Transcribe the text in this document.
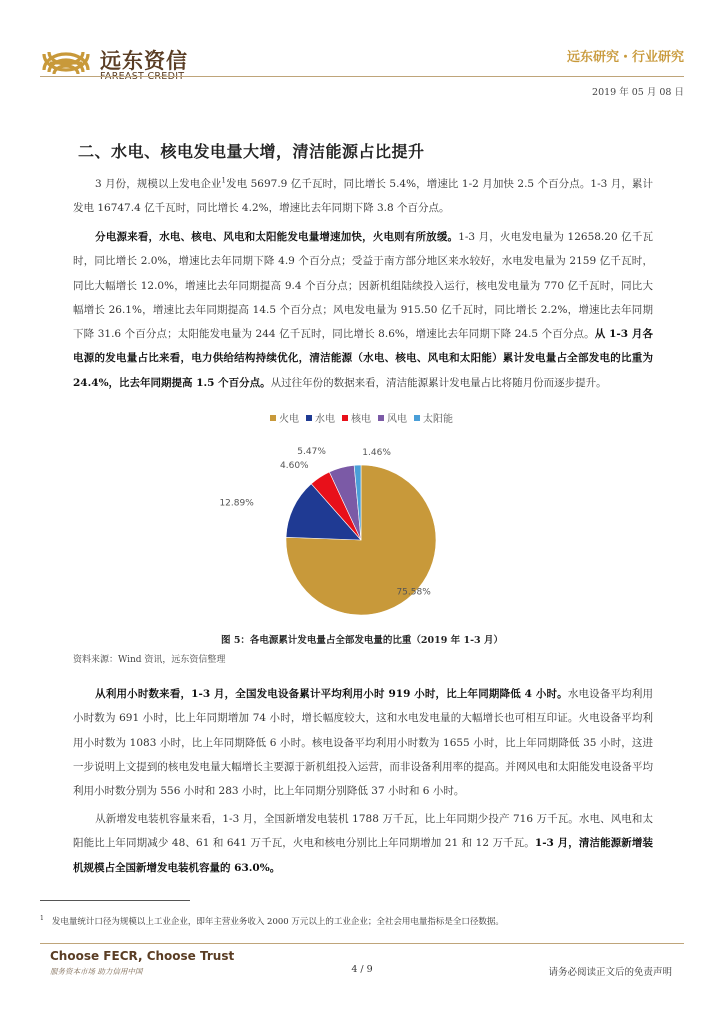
远东资信	远东研究・行业研究
2019 年 05 月 08 日
二、水电、核电发电量大增，清洁能源占比提升
3 月份，规模以上发电企业$^1$发电 5697.9 亿千瓦时，同比增长 5.4%，增速比 1-2 月加快 2.5 个百分点。1-3 月，累计发电 16747.4 亿千瓦时，同比增长 4.2%，增速比去年同期下降 3.8 个百分点。
分电源来看，水电、核电、风电和太阳能发电量增速加快，火电则有所放缓。1-3 月，火电发电量为 12658.20 亿千瓦时，同比增长 2.0%，增速比去年同期下降 4.9 个百分点；受益于南方部分地区来水较好，水电发电量为 2159 亿千瓦时，同比大幅增长 12.0%，增速比去年同期提高 9.4 个百分点；因新机组陆续投入运行，核电发电量为 770 亿千瓦时，同比大幅增长 26.1%，增速比去年同期提高 14.5 个百分点；风电发电量为 915.50 亿千瓦时，同比增长 2.2%，增速比去年同期下降 31.6 个百分点；太阳能发电量为 244 亿千瓦时，同比增长 8.6%，增速比去年同期下降 24.5 个百分点。从 1-3 月各电源的发电量占比来看，电力供给结构持续优化，清洁能源（水电、核电、风电和太阳能）累计发电量占全部发电的比重为 24.4%，比去年同期提高 1.5 个百分点。从过往年份的数据来看，清洁能源累计发电量占比将随月份而逐步提升。
火电 水电 核电 风电 太阳能
75.58%
12.89%
4.60%
5.47%	1.46%
图 5：各电源累计发电量占全部发电量的比重（2019 年 1-3 月）
资料来源：Wind 资讯，远东资信整理
从利用小时数来看，1-3 月，全国发电设备累计平均利用小时 919 小时，比上年同期降低 4 小时。水电设备平均利用小时数为 691 小时，比上年同期增加 74 小时，增长幅度较大，这和水电发电量的大幅增长也可相互印证。火电设备平均利用小时数为 1083 小时，比上年同期降低 6 小时。核电设备平均利用小时数为 1655 小时，比上年同期降低 35 小时，这进一步说明上文提到的核电发电量大幅增长主要源于新机组投入运营，而非设备利用率的提高。并网风电和太阳能发电设备平均利用小时数分别为 556 小时和 283 小时，比上年同期分别降低 37 小时和 6 小时。
从新增发电装机容量来看，1-3 月，全国新增发电装机 1788 万千瓦，比上年同期少投产 716 万千瓦。水电、风电和太阳能比上年同期减少 48、61 和 641 万千瓦，火电和核电分别比上年同期增加 21 和 12 万千瓦。1-3 月，清洁能源新增装机规模占全国新增发电装机容量的 63.0%。
$^1$ 发电量统计口径为规模以上工业企业，即年主营业务收入 2000 万元以上的工业企业；全社会用电量指标是全口径数据。
Choose FECR, Choose Trust
服务资本市场 助力信用中国	4 / 9	请务必阅读正文后的免责声明
